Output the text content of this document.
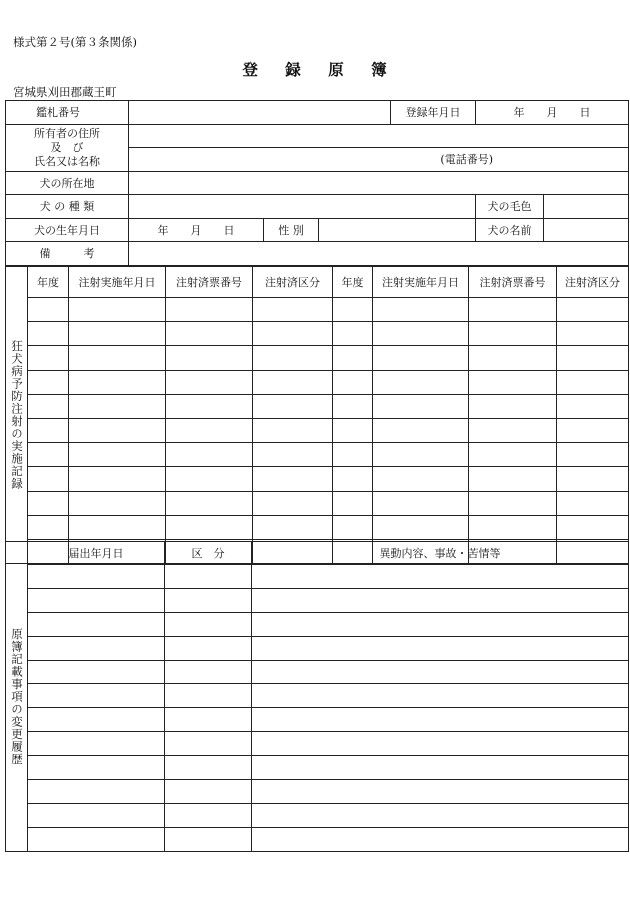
様式第２号(第３条関係)
登 録 原 簿
宮城県刈田郡蔵王町
鑑札番号				登録年月日	年　　月　　日	

所有者の住所
及　び
氏名又は名称						

	(電話番号)					
犬の所在地						
犬 の 種 類					犬の毛色	
犬の生年月日	年　　月　　日	性 別			犬の名前	
備　　　考						
狂犬病予防注射の実施記録	年度	注射実施年月日	注射済票番号	注射済区分	年度	注射実施年月日	注射済票番号	注射済区分

原簿記載事項の変更履歴	届出年月日	区　分	異動内容、事故・苦情等
